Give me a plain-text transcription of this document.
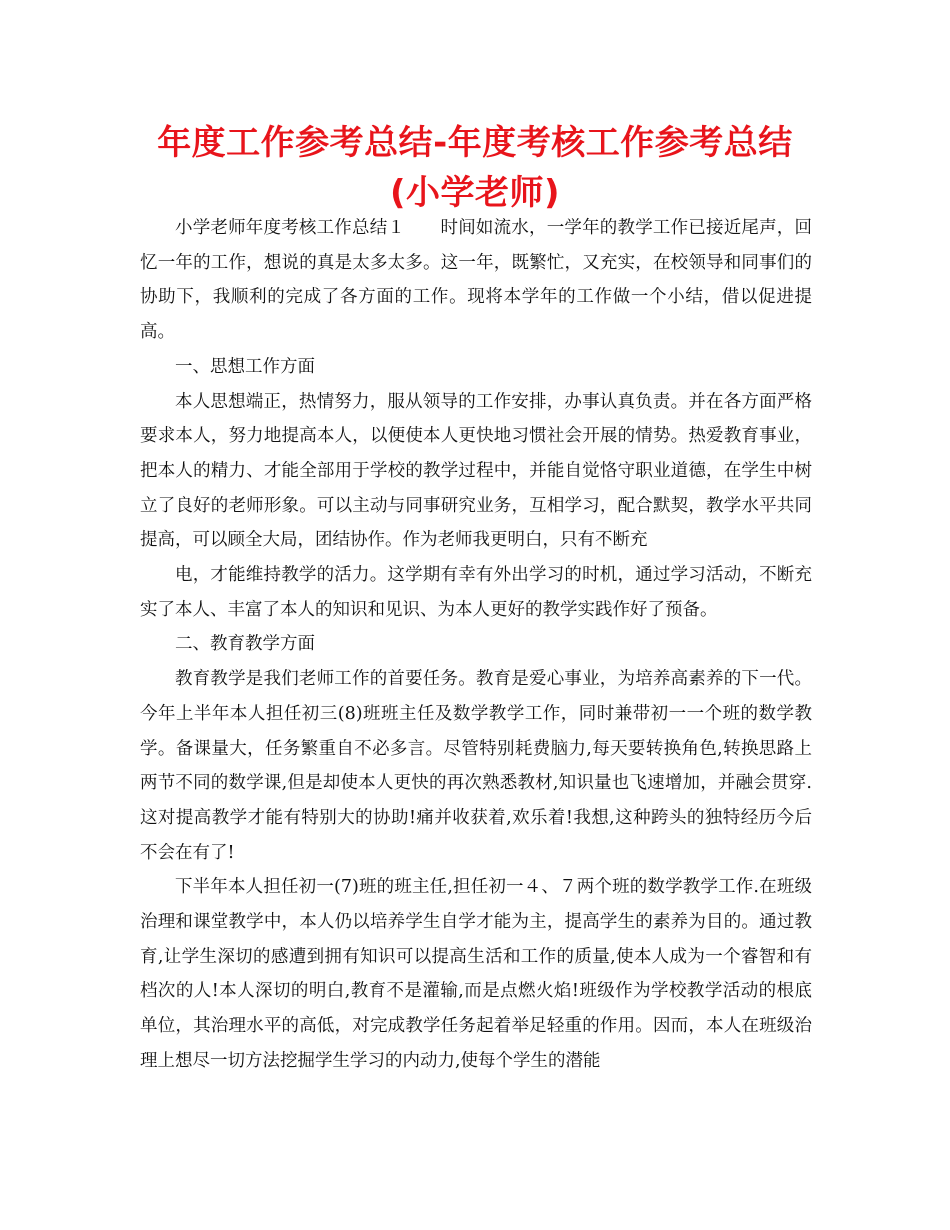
年度工作参考总结-年度考核工作参考总结(小学老师)

小学老师年度考核工作总结１　　时间如流水，一学年的教学工作已接近尾声，回忆一年的工作，想说的真是太多太多。这一年，既繁忙，又充实，在校领导和同事们的协助下，我顺利的完成了各方面的工作。现将本学年的工作做一个小结，借以促进提高。

一、思想工作方面

本人思想端正，热情努力，服从领导的工作安排，办事认真负责。并在各方面严格要求本人，努力地提高本人，以便使本人更快地习惯社会开展的情势。热爱教育事业，把本人的精力、才能全部用于学校的教学过程中，并能自觉恪守职业道德，在学生中树立了良好的老师形象。可以主动与同事研究业务，互相学习，配合默契，教学水平共同提高，可以顾全大局，团结协作。作为老师我更明白，只有不断充

电，才能维持教学的活力。这学期有幸有外出学习的时机，通过学习活动，不断充实了本人、丰富了本人的知识和见识、为本人更好的教学实践作好了预备。

二、教育教学方面

教育教学是我们老师工作的首要任务。教育是爱心事业，为培养高素养的下一代。今年上半年本人担任初三(8)班班主任及数学教学工作，同时兼带初一一个班的数学教学。备课量大，任务繁重自不必多言。尽管特别耗费脑力,每天要转换角色,转换思路上两节不同的数学课,但是却使本人更快的再次熟悉教材,知识量也飞速增加，并融会贯穿.这对提高教学才能有特别大的协助!痛并收获着,欢乐着!我想,这种跨头的独特经历今后不会在有了!

下半年本人担任初一(7)班的班主任,担任初一４、７两个班的数学教学工作.在班级治理和课堂教学中，本人仍以培养学生自学才能为主，提高学生的素养为目的。通过教育,让学生深切的感遭到拥有知识可以提高生活和工作的质量,使本人成为一个睿智和有档次的人!本人深切的明白,教育不是灌输,而是点燃火焰!班级作为学校教学活动的根底单位，其治理水平的高低，对完成教学任务起着举足轻重的作用。因而，本人在班级治理上想尽一切方法挖掘学生学习的内动力,使每个学生的潜能
